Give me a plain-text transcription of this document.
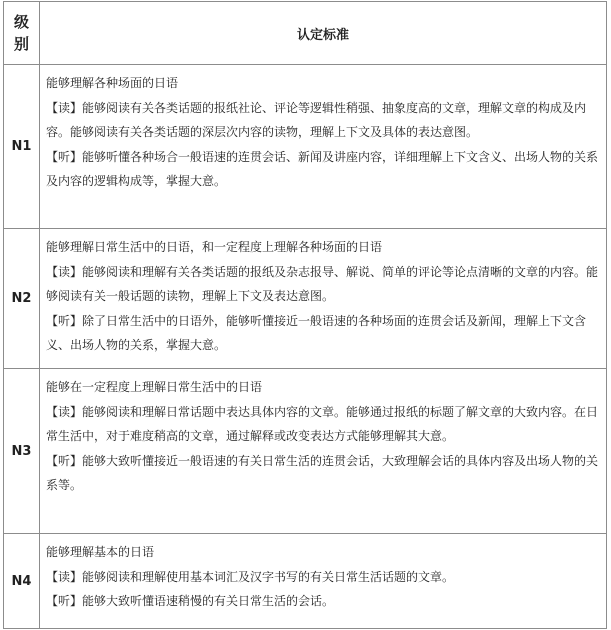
级
别	认定标准
N1	能够理解各种场面的日语
【读】能够阅读有关各类话题的报纸社论、评论等逻辑性稍强、抽象度高的文章，理解文章的构成及内容。能够阅读有关各类话题的深层次内容的读物，理解上下文及具体的表达意图。
【听】能够听懂各种场合一般语速的连贯会话、新闻及讲座内容，详细理解上下文含义、出场人物的关系及内容的逻辑构成等，掌握大意。

N2	能够理解日常生活中的日语，和一定程度上理解各种场面的日语
【读】能够阅读和理解有关各类话题的报纸及杂志报导、解说、简单的评论等论点清晰的文章的内容。能够阅读有关一般话题的读物，理解上下文及表达意图。
【听】除了日常生活中的日语外，能够听懂接近一般语速的各种场面的连贯会话及新闻，理解上下文含义、出场人物的关系，掌握大意。

N3	能够在一定程度上理解日常生活中的日语
【读】能够阅读和理解日常话题中表达具体内容的文章。能够通过报纸的标题了解文章的大致内容。在日常生活中，对于难度稍高的文章，通过解释或改变表达方式能够理解其大意。
【听】能够大致听懂接近一般语速的有关日常生活的连贯会话，大致理解会话的具体内容及出场人物的关系等。

N4	能够理解基本的日语
【读】能够阅读和理解使用基本词汇及汉字书写的有关日常生活话题的文章。
【听】能够大致听懂语速稍慢的有关日常生活的会话。
